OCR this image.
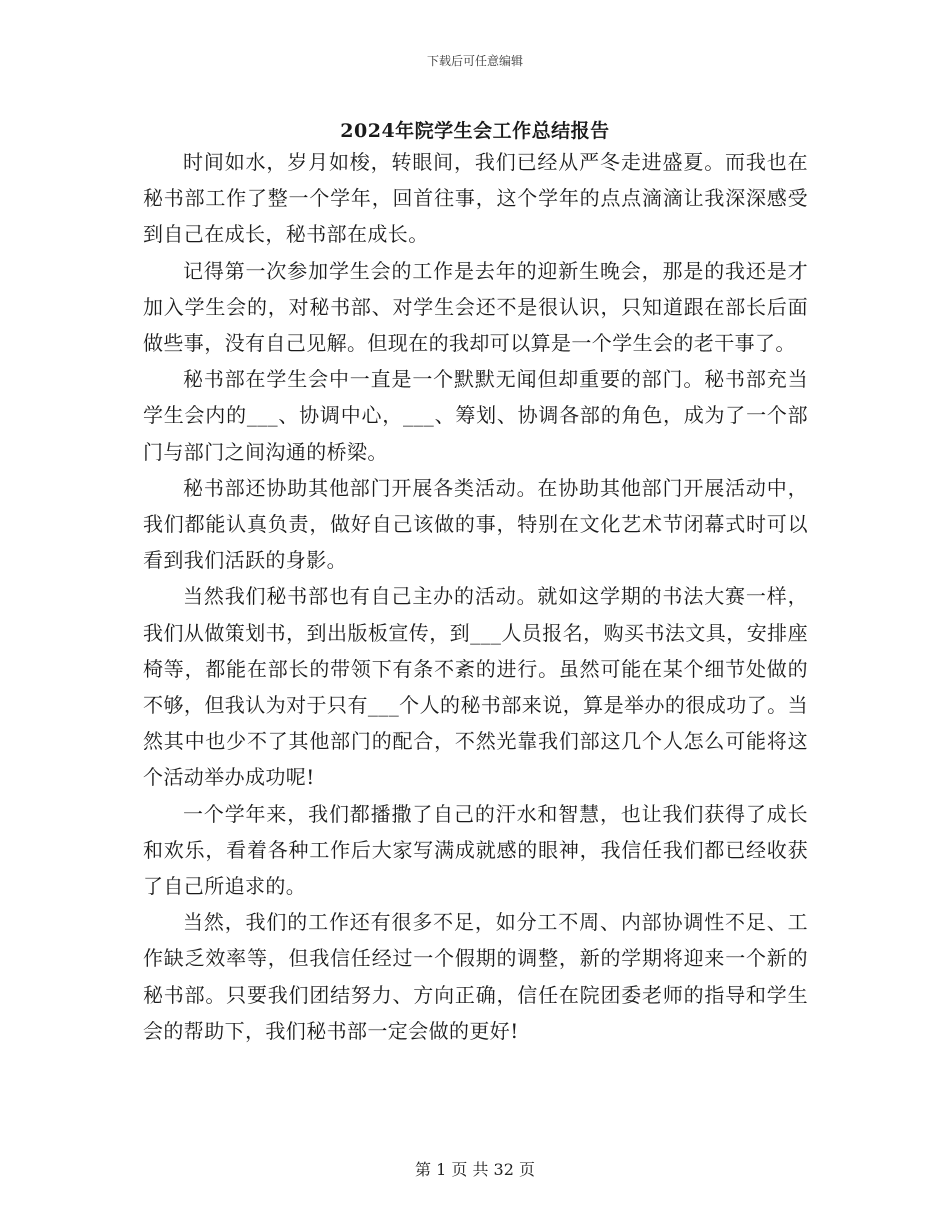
下载后可任意编辑
2024年院学生会工作总结报告

时间如水，岁月如梭，转眼间，我们已经从严冬走进盛夏。而我也在秘书部工作了整一个学年，回首往事，这个学年的点点滴滴让我深深感受到自己在成长，秘书部在成长。

记得第一次参加学生会的工作是去年的迎新生晚会，那是的我还是才加入学生会的，对秘书部、对学生会还不是很认识，只知道跟在部长后面做些事，没有自己见解。但现在的我却可以算是一个学生会的老干事了。

秘书部在学生会中一直是一个默默无闻但却重要的部门。秘书部充当学生会内的___、协调中心，___、筹划、协调各部的角色，成为了一个部门与部门之间沟通的桥梁。

秘书部还协助其他部门开展各类活动。在协助其他部门开展活动中，我们都能认真负责，做好自己该做的事，特别在文化艺术节闭幕式时可以看到我们活跃的身影。

当然我们秘书部也有自己主办的活动。就如这学期的书法大赛一样，我们从做策划书，到出版板宣传，到___人员报名，购买书法文具，安排座椅等，都能在部长的带领下有条不紊的进行。虽然可能在某个细节处做的不够，但我认为对于只有___个人的秘书部来说，算是举办的很成功了。当然其中也少不了其他部门的配合，不然光靠我们部这几个人怎么可能将这个活动举办成功呢!

一个学年来，我们都播撒了自己的汗水和智慧，也让我们获得了成长和欢乐，看着各种工作后大家写满成就感的眼神，我信任我们都已经收获了自己所追求的。

当然，我们的工作还有很多不足，如分工不周、内部协调性不足、工作缺乏效率等，但我信任经过一个假期的调整，新的学期将迎来一个新的秘书部。只要我们团结努力、方向正确，信任在院团委老师的指导和学生会的帮助下，我们秘书部一定会做的更好!

第 1 页 共 32 页
